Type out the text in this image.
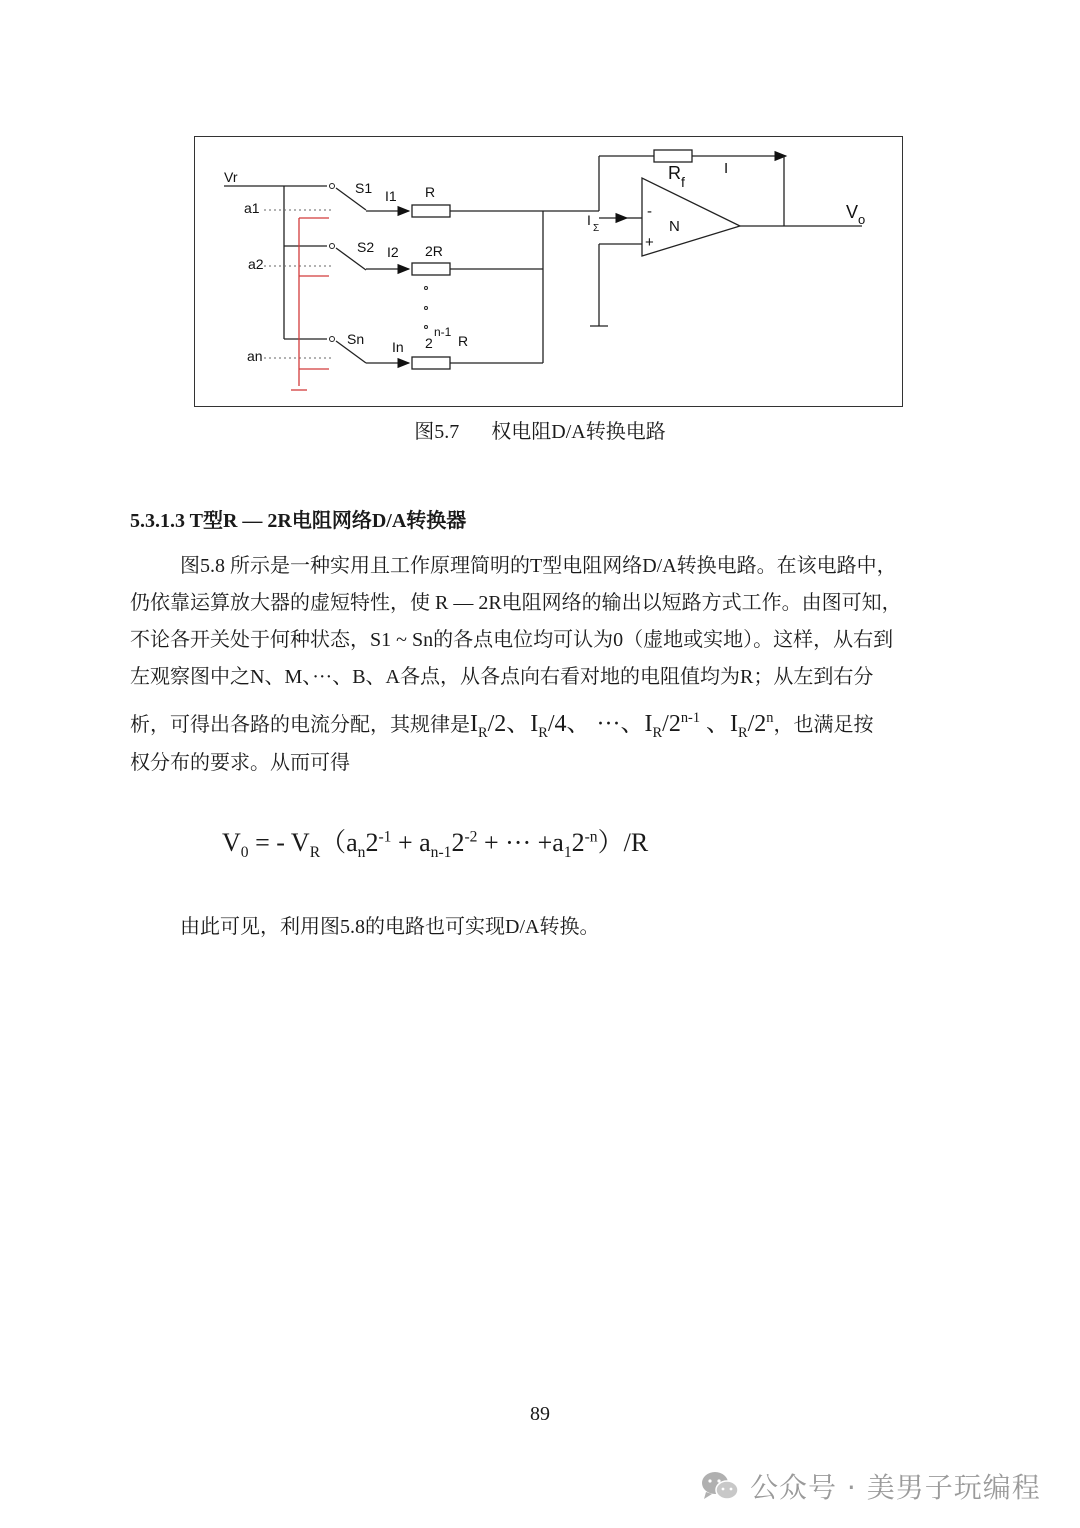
Vr
a1
a2
an
S1
S2
Sn
I1
I2
In
R
2R
2
n-1
R
R f
I
I
Σ
-
+
N
V o
图5.7 权电阻D/A转换电路
5.3.1.3 T型R — 2R电阻网络D/A转换器
图5.8 所示是一种实用且工作原理简明的T型电阻网络D/A转换电路。在该电路中，
仍依靠运算放大器的虚短特性，使 R — 2R电阻网络的输出以短路方式工作。由图可知，
不论各开关处于何种状态，S1 ~ Sn的各点电位均可认为0（虚地或实地）。这样，从右到
左观察图中之N、M、···、B、A各点，从各点向右看对地的电阻值均为R；从左到右分
析，可得出各路的电流分配，其规律是$I_R/2$、$I_R/4$、 ···、$I_R/2^{n-1}$ 、$I_R/2^n$，也满足按
权分布的要求。从而可得
$V_0$ = - $V_R(a_n2^{-1} + a_{n-1}2^{-2}$ + ··· $+a_12^{-n})/R$
由此可见，利用图5.8的电路也可实现D/A转换。
89
公众号 · 美男子玩编程
